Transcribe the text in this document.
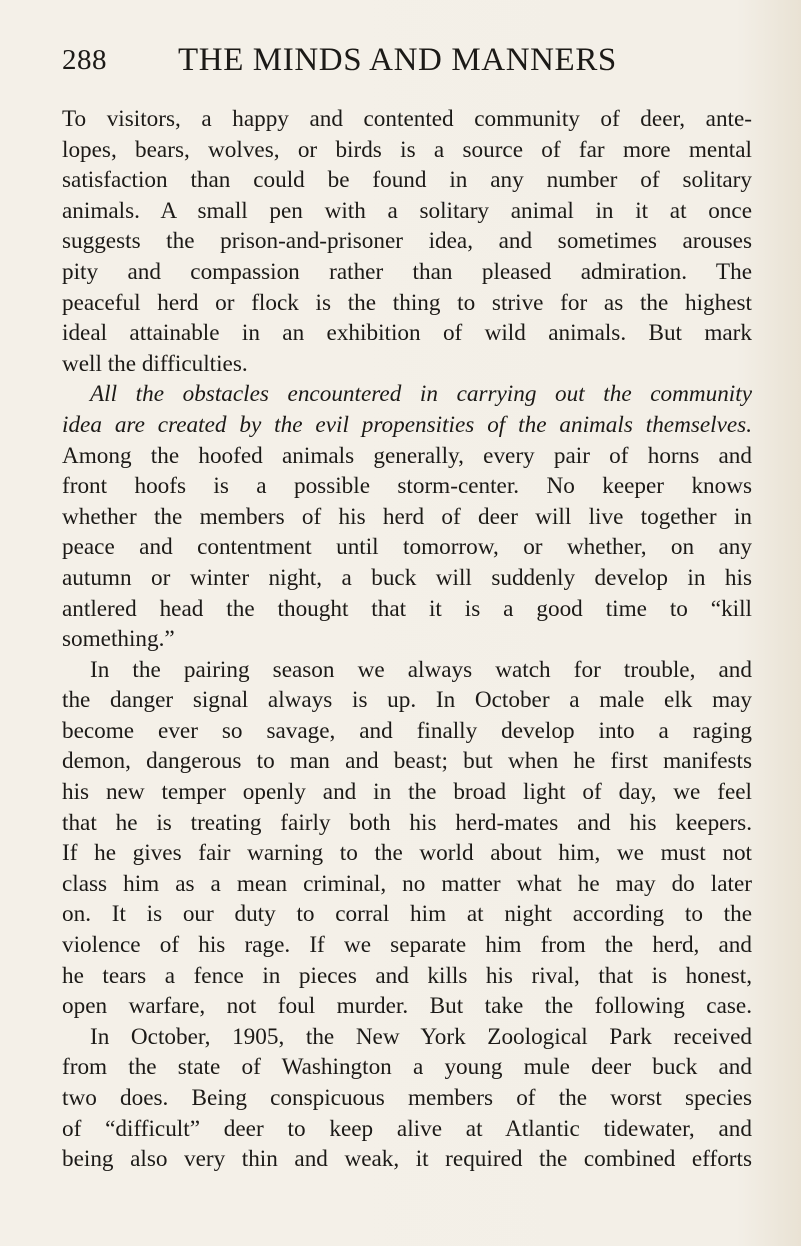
288 THE MINDS AND MANNERS
To visitors, a happy and contented community of deer, ante-
lopes, bears, wolves, or birds is a source of far more mental
satisfaction than could be found in any number of solitary
animals. A small pen with a solitary animal in it at once
suggests the prison-and-prisoner idea, and sometimes arouses
pity and compassion rather than pleased admiration. The
peaceful herd or flock is the thing to strive for as the highest
ideal attainable in an exhibition of wild animals. But mark
well the difficulties.
All the obstacles encountered in carrying out the community
idea are created by the evil propensities of the animals themselves.
Among the hoofed animals generally, every pair of horns and
front hoofs is a possible storm-center. No keeper knows
whether the members of his herd of deer will live together in
peace and contentment until tomorrow, or whether, on any
autumn or winter night, a buck will suddenly develop in his
antlered head the thought that it is a good time to “kill
something.”
In the pairing season we always watch for trouble, and
the danger signal always is up. In October a male elk may
become ever so savage, and finally develop into a raging
demon, dangerous to man and beast; but when he first manifests
his new temper openly and in the broad light of day, we feel
that he is treating fairly both his herd-mates and his keepers.
If he gives fair warning to the world about him, we must not
class him as a mean criminal, no matter what he may do later
on. It is our duty to corral him at night according to the
violence of his rage. If we separate him from the herd, and
he tears a fence in pieces and kills his rival, that is honest,
open warfare, not foul murder. But take the following case.
In October, 1905, the New York Zoological Park received
from the state of Washington a young mule deer buck and
two does. Being conspicuous members of the worst species
of “difficult” deer to keep alive at Atlantic tidewater, and
being also very thin and weak, it required the combined efforts
